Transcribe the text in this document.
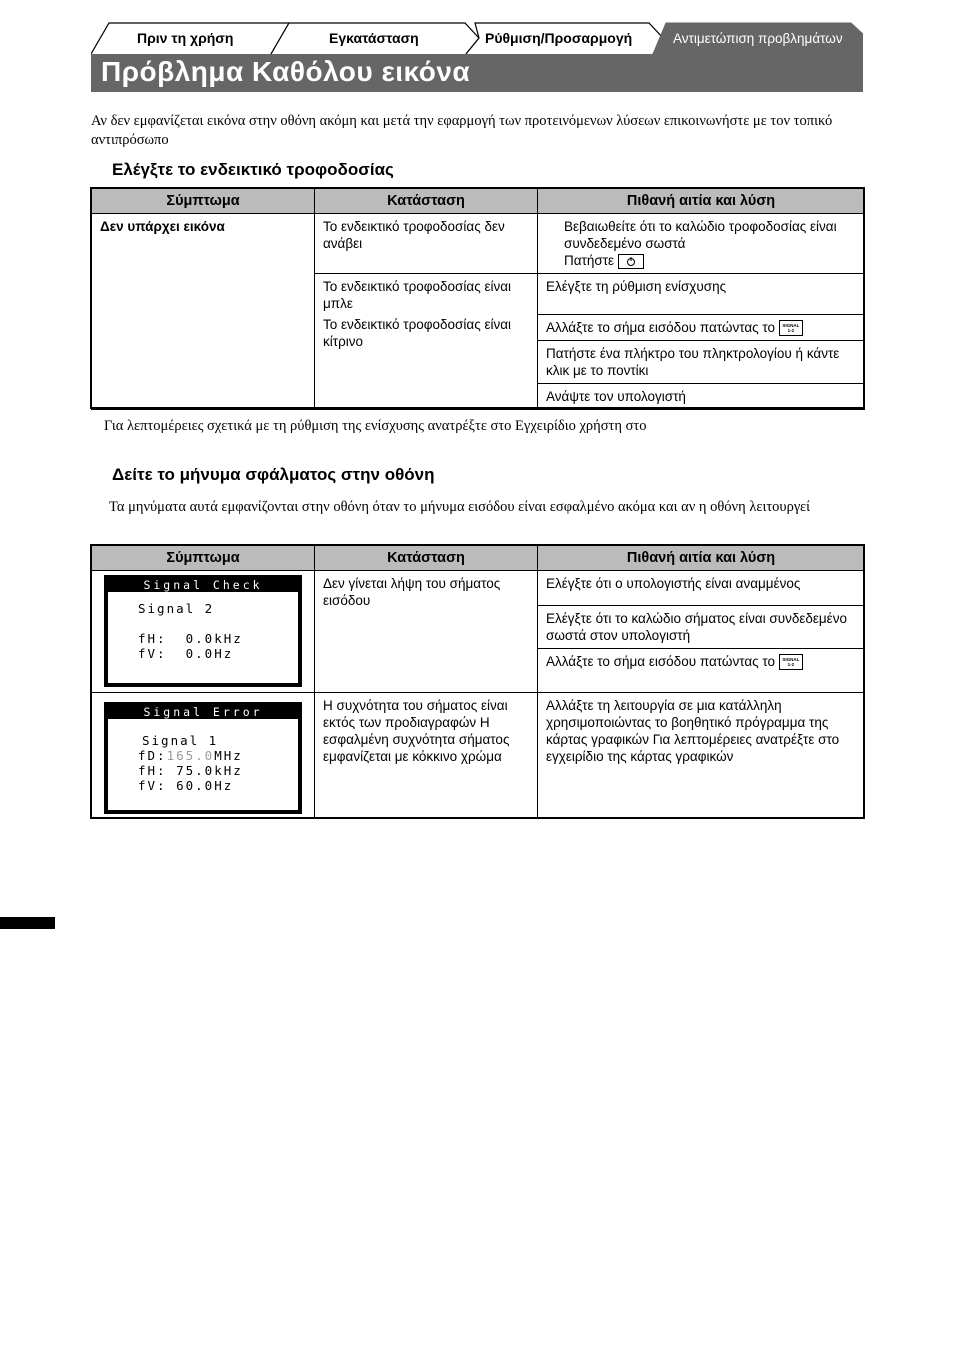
Πριν τη χρήση	Εγκατάσταση	Ρύθμιση/Προσαρμογή	Αντιμετώπιση προβλημάτων
Πρόβλημα Καθόλου εικόνα
Αν δεν εμφανίζεται εικόνα στην οθόνη ακόμη και μετά την εφαρμογή των προτεινόμενων λύσεων επικοινωνήστε με τον τοπικό αντιπρόσωπο
Ελέγξτε το ενδεικτικό τροφοδοσίας
Σύμπτωμα	Κατάσταση	Πιθανή αιτία και λύση

Δεν υπάρχει εικόνα	Το ενδεικτικό τροφοδοσίας δεν ανάβει	Βεβαιωθείτε ότι το καλώδιο τροφοδοσίας είναι συνδεδεμένο σωστά
Πατήστε

	Το ενδεικτικό τροφοδοσίας είναι μπλε
Το ενδεικτικό τροφοδοσίας είναι κίτρινο	Ελέγξτε τη ρύθμιση ενίσχυσης

		Αλλάξτε το σήμα εισόδου πατώντας το SIGNAL
1-2

		Πατήστε ένα πλήκτρο του πληκτρολογίου ή κάντε κλικ με το ποντίκι

		Ανάψτε τον υπολογιστή
Για λεπτομέρειες σχετικά με τη ρύθμιση της ενίσχυσης ανατρέξτε στο Εγχειρίδιο χρήστη στο
Δείτε το μήνυμα σφάλματος στην οθόνη
Τα μηνύματα αυτά εμφανίζονται στην οθόνη όταν το μήνυμα εισόδου είναι εσφαλμένο ακόμα και αν η οθόνη λειτουργεί
Σύμπτωμα	Κατάσταση	Πιθανή αιτία και λύση

Signal Check
Signal 2
fH:  0.0kHz
fV:  0.0Hz	Δεν γίνεται λήψη του σήματος εισόδου	Ελέγξτε ότι ο υπολογιστής είναι αναμμένος

		Ελέγξτε ότι το καλώδιο σήματος είναι συνδεδεμένο σωστά στον υπολογιστή

		Αλλάξτε το σήμα εισόδου πατώντας το SIGNAL
1-2

Signal Error
Signal 1
fD:165.0MHz
fH: 75.0kHz
fV: 60.0Hz	Η συχνότητα του σήματος είναι εκτός των προδιαγραφών Η εσφαλμένη συχνότητα σήματος εμφανίζεται με κόκκινο χρώμα	Αλλάξτε τη λειτουργία σε μια κατάλληλη χρησιμοποιώντας το βοηθητικό πρόγραμμα της κάρτας γραφικών Για λεπτομέρειες ανατρέξτε στο εγχειρίδιο της κάρτας γραφικών
